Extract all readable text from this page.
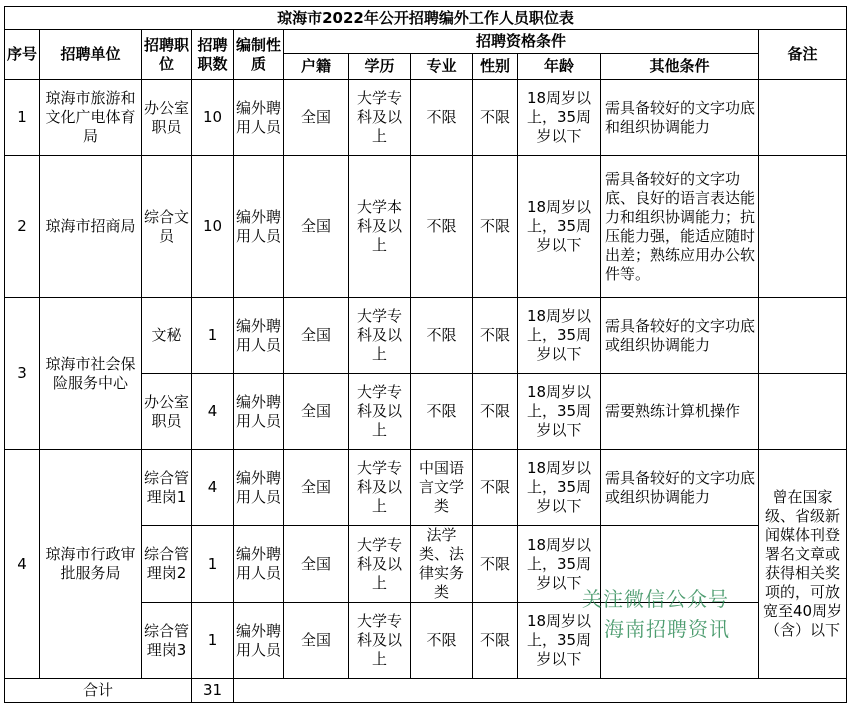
琼海市2022年公开招聘编外工作人员职位表											
序号	招聘单位	招聘职位	招聘职数	编制性质	招聘资格条件						备注
					户籍	学历	专业	性别	年龄	其他条件	
1	琼海市旅游和文化广电体育局	办公室职员	10	编外聘用人员	全国	大学专科及以上	不限	不限	18周岁以上，35周岁以下	需具备较好的文字功底和组织协调能力	
2	琼海市招商局	综合文员	10	编外聘用人员	全国	大学本科及以上	不限	不限	18周岁以上，35周岁以下	需具备较好的文字功底、良好的语言表达能力和组织协调能力；抗压能力强，能适应随时出差；熟练应用办公软件等。	
3	琼海市社会保险服务中心	文秘	1	编外聘用人员	全国	大学专科及以上	不限	不限	18周岁以上，35周岁以下	需具备较好的文字功底或组织协调能力	
		办公室职员	4	编外聘用人员	全国	大学专科及以上	不限	不限	18周岁以上，35周岁以下	需要熟练计算机操作	
4	琼海市行政审批服务局	综合管理岗1	4	编外聘用人员	全国	大学专科及以上	中国语言文学类	不限	18周岁以上，35周岁以下	需具备较好的文字功底或组织协调能力	曾在国家级、省级新闻媒体刊登署名文章或获得相关奖项的，可放宽至40周岁（含）以下
		综合管理岗2	1	编外聘用人员	全国	大学专科及以上	法学类、法律实务类	不限	18周岁以上，35周岁以下		
		综合管理岗3	1	编外聘用人员	全国	大学专科及以上	不限	不限	18周岁以上，35周岁以下		
合计			31								
关注微信公众号
海南招聘资讯
